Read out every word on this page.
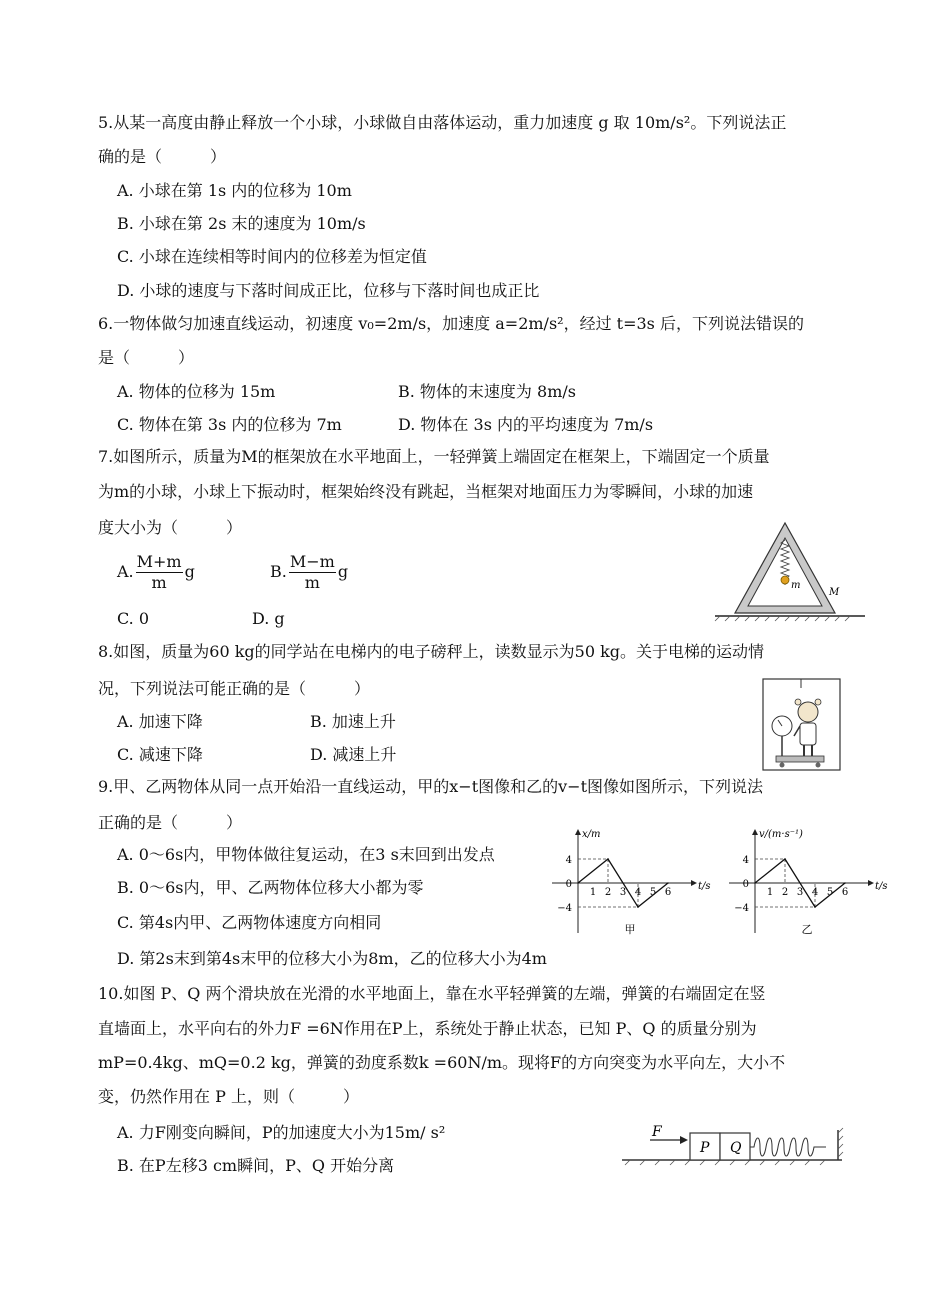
5.从某一高度由静止释放一个小球，小球做自由落体运动，重力加速度 g 取 10m/s²。下列说法正
确的是（　　　）
A. 小球在第 1s 内的位移为 10m
B. 小球在第 2s 末的速度为 10m/s
C. 小球在连续相等时间内的位移差为恒定值
D. 小球的速度与下落时间成正比，位移与下落时间也成正比
6.一物体做匀加速直线运动，初速度 v₀=2m/s，加速度 a=2m/s²，经过 t=3s 后，下列说法错误的
是（　　　）
A. 物体的位移为 15m	B. 物体的末速度为 8m/s
C. 物体在第 3s 内的位移为 7m	D. 物体在 3s 内的平均速度为 7m/s
7.如图所示，质量为M的框架放在水平地面上，一轻弹簧上端固定在框架上，下端固定一个质量
为m的小球，小球上下振动时，框架始终没有跳起，当框架对地面压力为零瞬间，小球的加速
度大小为（　　　）
A. $\frac{M+m}{m}$ g	B. $\frac{M-m}{m}$ g
C. 0	D. g
m
M
8.如图，质量为60 kg的同学站在电梯内的电子磅秤上，读数显示为50 kg。关于电梯的运动情
况，下列说法可能正确的是（　　　）
A. 加速下降	B. 加速上升
C. 减速下降	D. 减速上升
9.甲、乙两物体从同一点开始沿一直线运动，甲的x−t图像和乙的v−t图像如图所示，下列说法
正确的是（　　　）
A. 0～6s内，甲物体做往复运动，在3 s末回到出发点
B. 0～6s内，甲、乙两物体位移大小都为零
C. 第4s内甲、乙两物体速度方向相同
D. 第2s末到第4s末甲的位移大小为8m，乙的位移大小为4m
x/m
t/s
4
0
−4
1 2 3 4 5 6
甲
v/(m·s⁻¹)
t/s
4
0
−4
1 2 3 4 5 6
乙
10.如图 P、Q 两个滑块放在光滑的水平地面上，靠在水平轻弹簧的左端，弹簧的右端固定在竖
直墙面上，水平向右的外力F =6N作用在P上，系统处于静止状态，已知 P、Q 的质量分别为
mP=0.4kg、mQ=0.2 kg，弹簧的劲度系数k =60N/m。现将F的方向突变为水平向左，大小不
变，仍然作用在 P 上，则（　　　）
A. 力F刚变向瞬间，P的加速度大小为15m/ s²
B. 在P左移3 cm瞬间，P、Q 开始分离
F
P Q
